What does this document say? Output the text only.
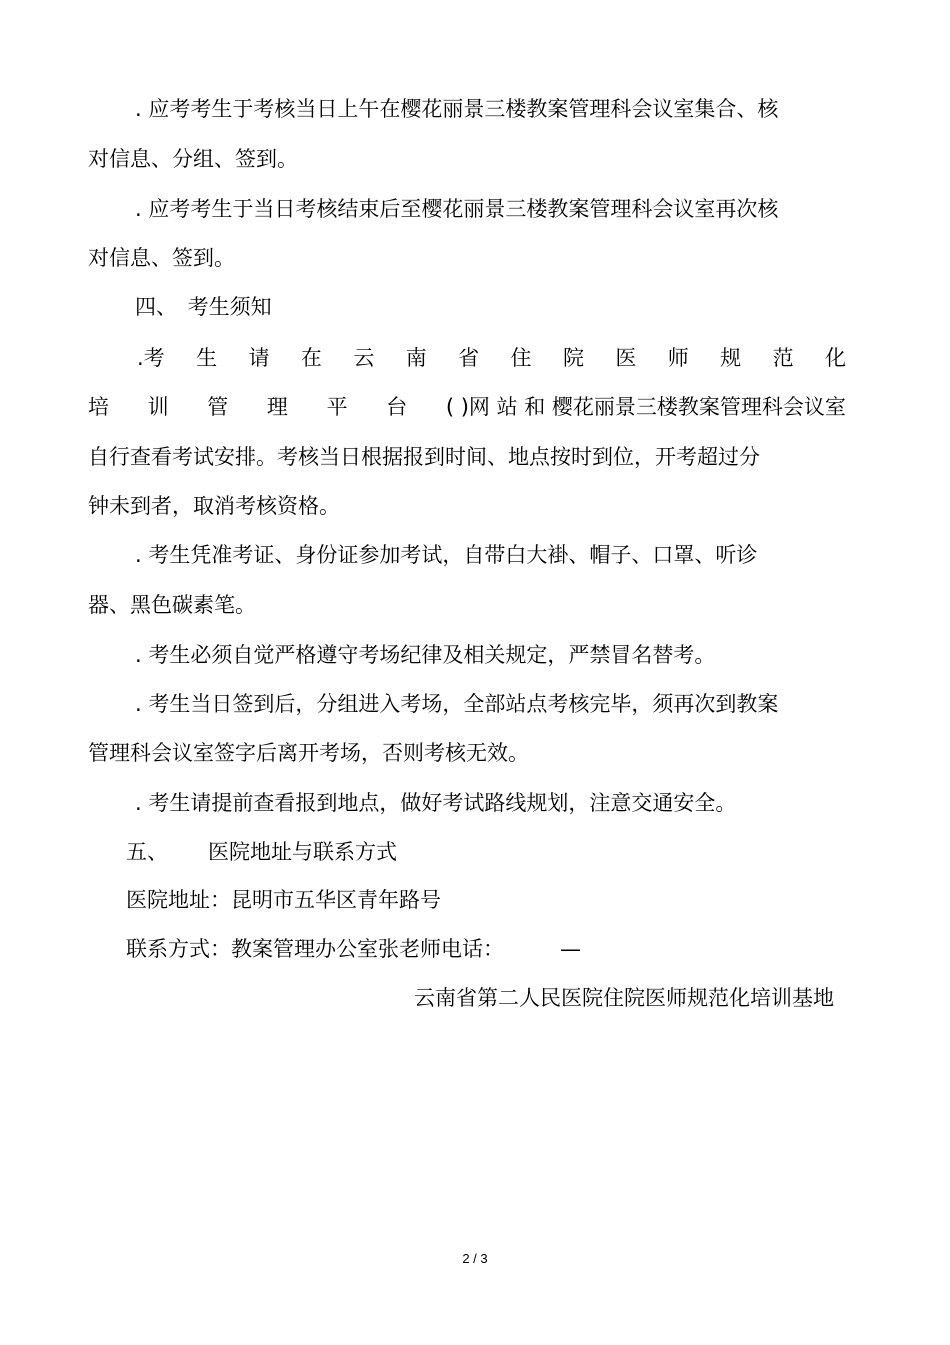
. 应考考生于考核当日上午在樱花丽景三楼教案管理科会议室集合、核
对信息、分组、签到。
. 应考考生于当日考核结束后至樱花丽景三楼教案管理科会议室再次核
对信息、签到。
四、 考生须知
.考 生 请 在 云 南 省 住 院 医 师 规 范 化
培 训 管 理 平 台 ( )网 站 和 樱花丽景三楼教案管理科会议室
自行查看考试安排。考核当日根据报到时间、地点按时到位，开考超过分
钟未到者，取消考核资格。
. 考生凭准考证、身份证参加考试，自带白大褂、帽子、口罩、听诊
器、黑色碳素笔。
. 考生必须自觉严格遵守考场纪律及相关规定，严禁冒名替考。
. 考生当日签到后，分组进入考场，全部站点考核完毕，须再次到教案
管理科会议室签字后离开考场，否则考核无效。
. 考生请提前查看报到地点，做好考试路线规划，注意交通安全。
五、 医院地址与联系方式
医院地址：昆明市五华区青年路号
联系方式：教案管理办公室张老师电话：	—
云南省第二人民医院住院医师规范化培训基地
2 / 3
